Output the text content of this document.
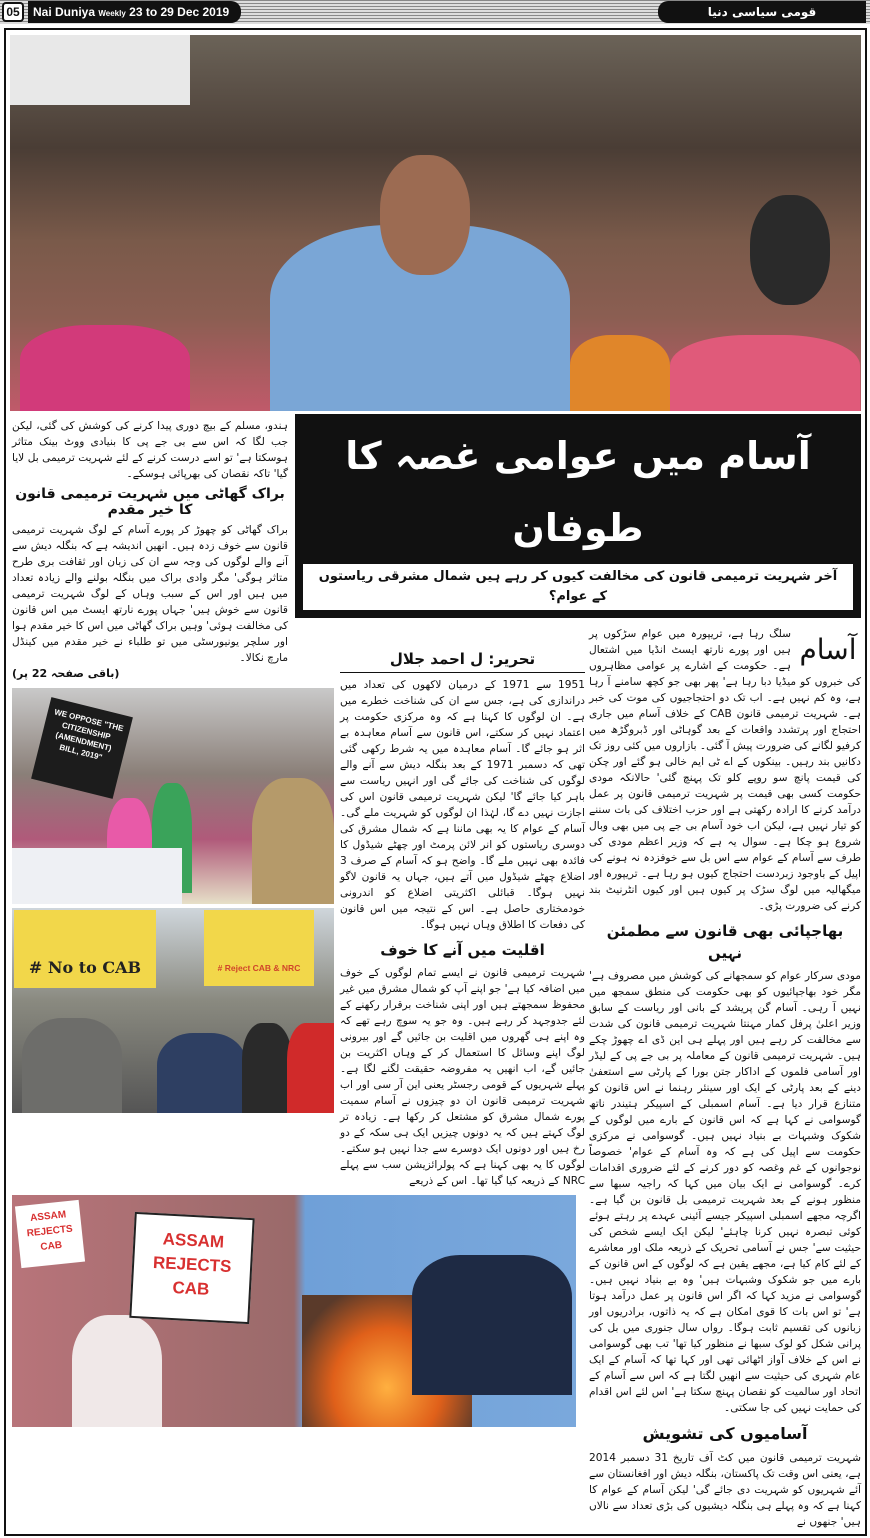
05	Nai Duniya Weekly 23 to 29 Dec 2019	قومی سیاسی دنیا
ہندو، مسلم کے بیچ دوری پیدا کرنے کی کوشش کی گئی، لیکن جب لگا کہ اس سے بی جے پی کا بنیادی ووٹ بینک متاثر ہوسکتا ہے' تو اسے درست کرنے کے لئے شہریت ترمیمی بل لایا گیا' تاکہ نقصان کی بھرپائی ہوسکے۔
براک گھاٹی میں شہریت ترمیمی قانون کا خیر مقدم
براک گھاٹی کو چھوڑ کر پورے آسام کے لوگ شہریت ترمیمی قانون سے خوف زدہ ہیں۔ انھیں اندیشہ ہے کہ بنگلہ دیش سے آنے والے لوگوں کی وجہ سے ان کی زبان اور ثقافت بری طرح متاثر ہوگی' مگر وادی براک میں بنگلہ بولنے والے زیادہ تعداد میں ہیں اور اس کے سبب وہاں کے لوگ شہریت ترمیمی قانون سے خوش ہیں' جہاں پورے نارتھ ایسٹ میں اس قانون کی مخالفت ہوئی' وہیں براک گھاٹی میں اس کا خیر مقدم ہوا اور سلچر یونیورسٹی میں تو طلباء نے خیر مقدم میں کینڈل مارچ نکالا۔
(باقی صفحہ 22 پر)
WE OPPOSE "THE CITIZENSHIP (AMENDMENT) BILL, 2019"
# No to CAB	# Reject CAB & NRC
آسام میں عوامی غصہ کا طوفان
آخر شہریت ترمیمی قانون کی مخالفت کیوں کر رہے ہیں شمال مشرقی ریاستوں کے عوام؟
تحریر: ل احمد جلال
1951 سے 1971 کے درمیان لاکھوں کی تعداد میں دراندازی کی ہے، جس سے ان کی شناخت خطرے میں ہے۔ ان لوگوں کا کہنا ہے کہ وہ مرکزی حکومت پر اعتماد نہیں کر سکتے، اس قانون سے آسام معاہدہ بے اثر ہو جائے گا۔ آسام معاہدہ میں یہ شرط رکھی گئی تھی کہ دسمبر 1971 کے بعد بنگلہ دیش سے آنے والے لوگوں کی شناخت کی جائے گی اور انہیں ریاست سے باہر کیا جائے گا' لیکن شہریت ترمیمی قانون اس کی اجازت نہیں دے گا، لہٰذا ان لوگوں کو شہریت ملے گی۔ آسام کے عوام کا یہ بھی ماننا ہے کہ شمال مشرق کی دوسری ریاستوں کو انر لائن پرمٹ اور چھٹے شیڈول کا فائدہ بھی نہیں ملے گا۔ واضح ہو کہ آسام کے صرف 3 اضلاع چھٹے شیڈول میں آتے ہیں، جہاں یہ قانون لاگو نہیں ہوگا۔ قبائلی اکثریتی اضلاع کو اندرونی خودمختاری حاصل ہے۔ اس کے نتیجہ میں اس قانون کی دفعات کا اطلاق وہاں نہیں ہوگا۔
اقلیت میں آنے کا خوف
شہریت ترمیمی قانون نے ایسے تمام لوگوں کے خوف میں اضافہ کیا ہے' جو اپنے آپ کو شمال مشرق میں غیر محفوظ سمجھتے ہیں اور اپنی شناخت برقرار رکھنے کے لئے جدوجہد کر رہے ہیں۔ وہ جو یہ سوچ رہے تھے کہ وہ اپنے ہی گھروں میں اقلیت بن جائیں گے اور بیرونی لوگ اپنے وسائل کا استعمال کر کے وہاں اکثریت بن جائیں گے، اب انھیں یہ مفروضہ حقیقت لگنے لگا ہے۔ پہلے شہریوں کے قومی رجسٹر یعنی این آر سی اور اب شہریت ترمیمی قانون ان دو چیزوں نے آسام سمیت پورے شمال مشرق کو مشتعل کر رکھا ہے۔ زیادہ تر لوگ کہتے ہیں کہ یہ دونوں چیزیں ایک ہی سکہ کے دو رخ ہیں اور دونوں ایک دوسرے سے جدا نہیں ہو سکتے۔ لوگوں کا یہ بھی کہنا ہے کہ پولرائزیشن سب سے پہلے NRC کے ذریعہ کیا گیا تھا۔ اس کے ذریعے
آسام
سلگ رہا ہے، تریپورہ میں عوام سڑکوں پر ہیں اور پورے نارتھ ایسٹ انڈیا میں اشتعال ہے۔ حکومت کے اشارے پر عوامی مظاہروں کی خبروں کو میڈیا دبا رہا ہے' پھر بھی جو کچھ سامنے آ رہا ہے، وہ کم نہیں ہے۔ اب تک دو احتجاجیوں کی موت کی خبر ہے۔ شہریت ترمیمی قانون CAB کے خلاف آسام میں جاری احتجاج اور پرتشدد واقعات کے بعد گوہاٹی اور ڈبروگڑھ میں کرفیو لگانے کی ضرورت پیش آ گئی۔ بازاروں میں کئی روز تک دکانیں بند رہیں۔ بینکوں کے اے ٹی ایم خالی ہو گئے اور چکن کی قیمت پانچ سو روپے کلو تک پہنچ گئی' حالانکہ مودی حکومت کسی بھی قیمت پر شہریت ترمیمی قانون پر عمل درآمد کرنے کا ارادہ رکھتی ہے اور حزب اختلاف کی بات سننے کو تیار نہیں ہے، لیکن اب خود آسام بی جے پی میں بھی وبال شروع ہو چکا ہے۔ سوال یہ ہے کہ وزیر اعظم مودی کی طرف سے آسام کے عوام سے اس بل سے خوفزدہ نہ ہونے کی اپیل کے باوجود زبردست احتجاج کیوں ہو رہا ہے۔ تریپورہ اور میگھالیہ میں لوگ سڑک پر کیوں ہیں اور کیوں انٹرنیٹ بند کرنے کی ضرورت پڑی۔
بھاجپائی بھی قانون سے مطمئن نہیں
مودی سرکار عوام کو سمجھانے کی کوشش میں مصروف ہے' مگر خود بھاجپائیوں کو بھی حکومت کی منطق سمجھ میں نہیں آ رہی۔ آسام گن پریشد کے بانی اور ریاست کے سابق وزیر اعلیٰ پرفل کمار مہنتا شہریت ترمیمی قانون کی شدت سے مخالفت کر رہے ہیں اور پہلے ہی این ڈی اے چھوڑ چکے ہیں۔ شہریت ترمیمی قانون کے معاملہ پر بی جے پی کے لیڈر اور آسامی فلموں کے اداکار جتن بورا کے پارٹی سے استعفیٰ دینے کے بعد پارٹی کے ایک اور سینئر رہنما نے اس قانون کو متنازع قرار دیا ہے۔ آسام اسمبلی کے اسپیکر ہتیندر ناتھ گوسوامی نے کہا ہے کہ اس قانون کے بارے میں لوگوں کے شکوک وشبہات بے بنیاد نہیں ہیں۔ گوسوامی نے مرکزی حکومت سے اپیل کی ہے کہ وہ آسام کے عوام' خصوصاً نوجوانوں کے غم وغصہ کو دور کرنے کے لئے ضروری اقدامات کرے۔ گوسوامی نے ایک بیان میں کہا کہ راجیہ سبھا سے منظور ہونے کے بعد شہریت ترمیمی بل قانون بن گیا ہے۔ اگرچہ مجھے اسمبلی اسپیکر جیسے آئینی عہدے پر رہتے ہوئے کوئی تبصرہ نہیں کرنا چاہئے' لیکن ایک ایسے شخص کی حیثیت سے' جس نے آسامی تحریک کے ذریعہ ملک اور معاشرے کے لئے کام کیا ہے، مجھے یقین ہے کہ لوگوں کے اس قانون کے بارے میں جو شکوک وشبہات ہیں' وہ بے بنیاد نہیں ہیں۔ گوسوامی نے مزید کہا کہ اگر اس قانون پر عمل درآمد ہوتا ہے' تو اس بات کا قوی امکان ہے کہ یہ ذاتوں، برادریوں اور زبانوں کی تقسیم ثابت ہوگا۔ رواں سال جنوری میں بل کی پرانی شکل کو لوک سبھا نے منظور کیا تھا' تب بھی گوسوامی نے اس کے خلاف آواز اٹھائی تھی اور کہا تھا کہ آسام کے ایک عام شہری کی حیثیت سے انھیں لگتا ہے کہ اس سے آسام کے اتحاد اور سالمیت کو نقصان پہنچ سکتا ہے' اس لئے اس اقدام کی حمایت نہیں کی جا سکتی۔
آسامیوں کی تشویش
شہریت ترمیمی قانون میں کٹ آف تاریخ 31 دسمبر 2014 ہے، یعنی اس وقت تک پاکستان، بنگلہ دیش اور افغانستان سے آئے شہریوں کو شہریت دی جائے گی' لیکن آسام کے عوام کا کہنا ہے کہ وہ پہلے ہی بنگلہ دیشیوں کی بڑی تعداد سے نالاں ہیں' جنھوں نے
ASSAM REJECTS CAB	ASSAM REJECTS CAB
